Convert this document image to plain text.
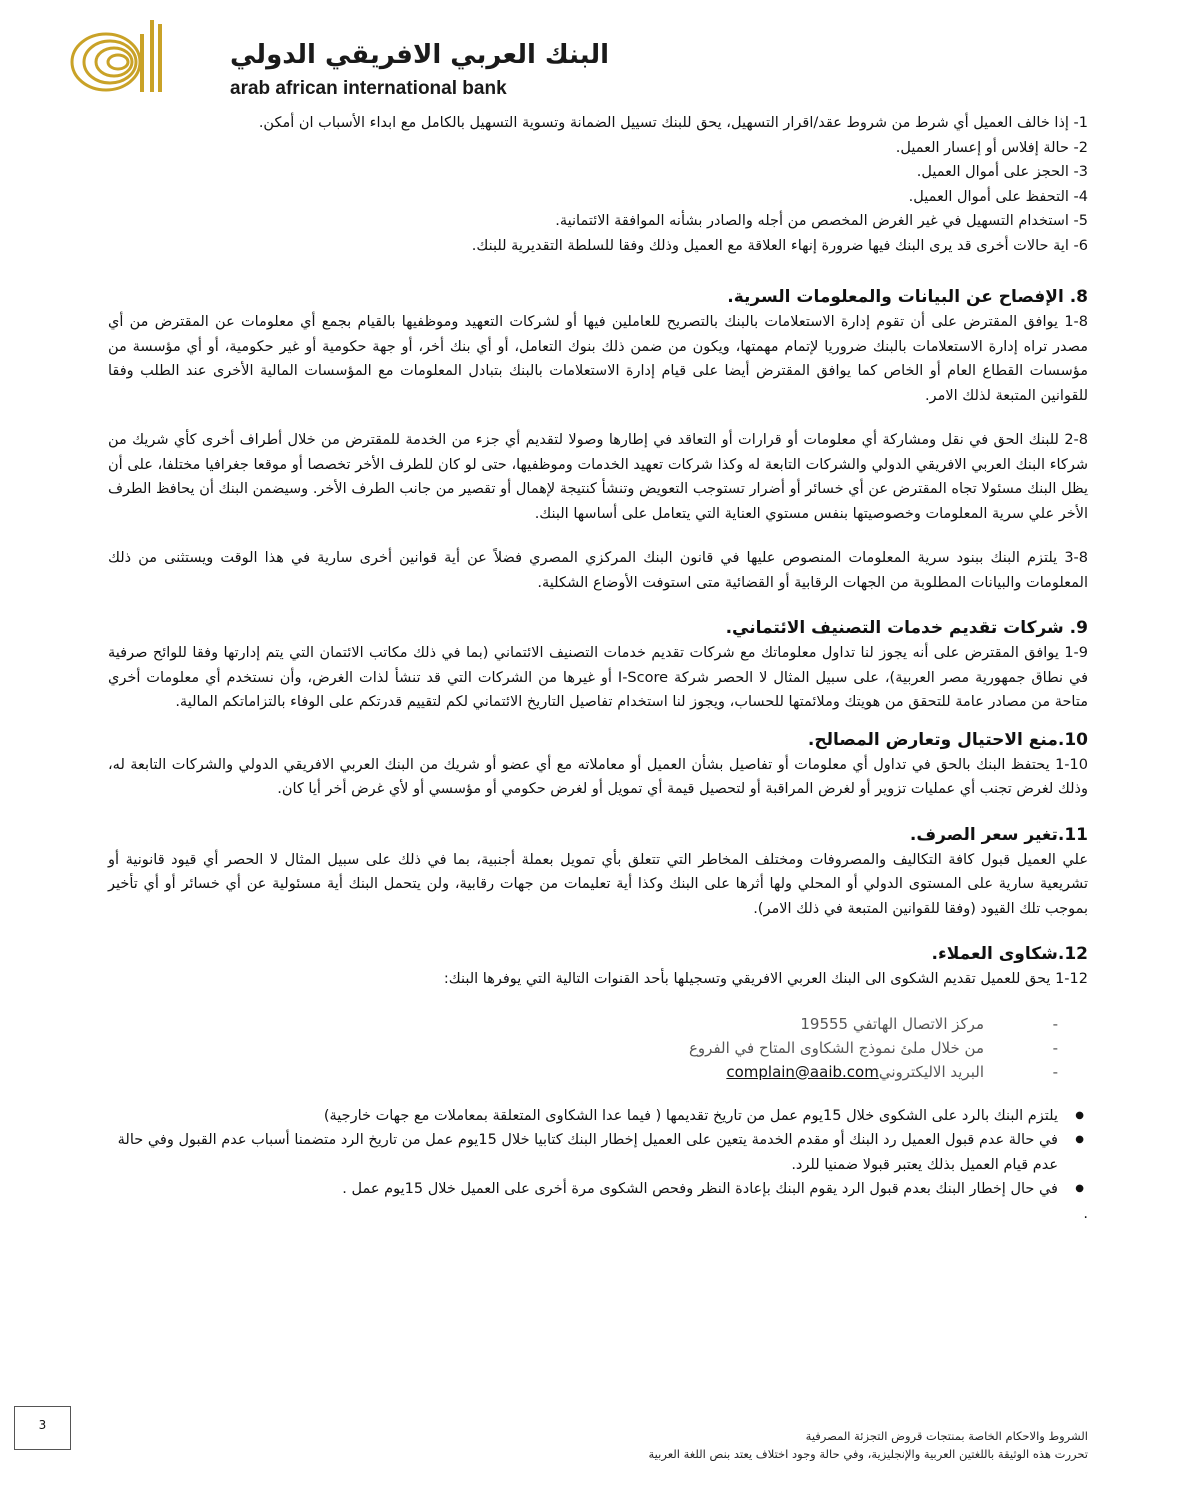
البنك العربي الافريقي الدولي
arab african international bank

1- إذا خالف العميل أي شرط من شروط عقد/اقرار التسهيل، يحق للبنك تسييل الضمانة وتسوية التسهيل بالكامل مع ابداء الأسباب ان أمكن.

2- حالة إفلاس أو إعسار العميل.

3- الحجز على أموال العميل.

4- التحفظ على أموال العميل.

5- استخدام التسهيل في غير الغرض المخصص من أجله والصادر بشأنه الموافقة الائتمانية.

6- اية حالات أخرى قد يرى البنك فيها ضرورة إنهاء العلاقة مع العميل وذلك وفقا للسلطة التقديرية للبنك.

8. الإفصاح عن البيانات والمعلومات السرية.

1-8 يوافق المقترض على أن تقوم إدارة الاستعلامات بالبنك بالتصريح للعاملين فيها أو لشركات التعهيد وموظفيها بالقيام بجمع أي معلومات عن المقترض من أي مصدر تراه إدارة الاستعلامات بالبنك ضروريا لإتمام مهمتها، ويكون من ضمن ذلك بنوك التعامل، أو أي بنك أخر، أو جهة حكومية أو غير حكومية، أو أي مؤسسة من مؤسسات القطاع العام أو الخاص كما يوافق المقترض أيضا على قيام إدارة الاستعلامات بالبنك بتبادل المعلومات مع المؤسسات المالية الأخرى عند الطلب وفقا للقوانين المتبعة لذلك الامر.

2-8 للبنك الحق في نقل ومشاركة أي معلومات أو قرارات أو التعاقد في إطارها وصولا لتقديم أي جزء من الخدمة للمقترض من خلال أطراف أخرى كأي شريك من شركاء البنك العربي الافريقي الدولي والشركات التابعة له وكذا شركات تعهيد الخدمات وموظفيها، حتى لو كان للطرف الأخر تخصصا أو موقعا جغرافيا مختلفا، على أن يظل البنك مسئولا تجاه المقترض عن أي خسائر أو أضرار تستوجب التعويض وتنشأ كنتيجة لإهمال أو تقصير من جانب الطرف الأخر. وسيضمن البنك أن يحافظ الطرف الأخر علي سرية المعلومات وخصوصيتها بنفس مستوي العناية التي يتعامل على أساسها البنك.

3-8 يلتزم البنك ببنود سرية المعلومات المنصوص عليها في قانون البنك المركزي المصري فضلاً عن أية قوانين أخرى سارية في هذا الوقت ويستثنى من ذلك المعلومات والبيانات المطلوبة من الجهات الرقابية أو القضائية متى استوفت الأوضاع الشكلية.

9. شركات تقديم خدمات التصنيف الائتماني.

1-9 يوافق المقترض على أنه يجوز لنا تداول معلوماتك مع شركات تقديم خدمات التصنيف الائتماني (بما في ذلك مكاتب الائتمان التي يتم إدارتها وفقا للوائح صرفية في نطاق جمهورية مصر العربية)، على سبيل المثال لا الحصر شركة I-Score أو غيرها من الشركات التي قد تنشأ لذات الغرض، وأن نستخدم أي معلومات أخري متاحة من مصادر عامة للتحقق من هويتك وملائمتها للحساب، ويجوز لنا استخدام تفاصيل التاريخ الائتماني لكم لتقييم قدرتكم على الوفاء بالتزاماتكم المالية.

10.منع الاحتيال وتعارض المصالح.

1-10 يحتفظ البنك بالحق في تداول أي معلومات أو تفاصيل بشأن العميل أو معاملاته مع أي عضو أو شريك من البنك العربي الافريقي الدولي والشركات التابعة له، وذلك لغرض تجنب أي عمليات تزوير أو لغرض المراقبة أو لتحصيل قيمة أي تمويل أو لغرض حكومي أو مؤسسي أو لأي غرض أخر أيا كان.

11.تغير سعر الصرف.

علي العميل قبول كافة التكاليف والمصروفات ومختلف المخاطر التي تتعلق بأي تمويل بعملة أجنبية، بما في ذلك على سبيل المثال لا الحصر أي قيود قانونية أو تشريعية سارية على المستوى الدولي أو المحلي ولها أثرها على البنك وكذا أية تعليمات من جهات رقابية، ولن يتحمل البنك أية مسئولية عن أي خسائر أو أي تأخير بموجب تلك القيود (وفقا للقوانين المتبعة في ذلك الامر).

12.شكاوى العملاء.

1-12 يحق للعميل تقديم الشكوى الى البنك العربي الافريقي وتسجيلها بأحد القنوات التالية التي يوفرها البنك:

- مركز الاتصال الهاتفي 19555
- من خلال ملئ نموذج الشكاوى المتاح في الفروع
- البريد الاليكترونيcomplain@aaib.com
● يلتزم البنك بالرد على الشكوى خلال 15يوم عمل من تاريخ تقديمها ( فيما عدا الشكاوى المتعلقة بمعاملات مع جهات خارجية)
● في حالة عدم قبول العميل رد البنك أو مقدم الخدمة يتعين على العميل إخطار البنك كتابيا خلال 15يوم عمل من تاريخ الرد متضمنا أسباب عدم القبول وفي حالة عدم قيام العميل بذلك يعتبر قبولا ضمنيا للرد.
● في حال إخطار البنك بعدم قبول الرد يقوم البنك بإعادة النظر وفحص الشكوى مرة أخرى على العميل خلال 15يوم عمل .

.

3
الشروط والاحكام الخاصة بمنتجات قروض التجزئة المصرفية
تحررت هذه الوثيقة باللغتين العربية والإنجليزية، وفي حالة وجود اختلاف يعتد بنص اللغة العربية
